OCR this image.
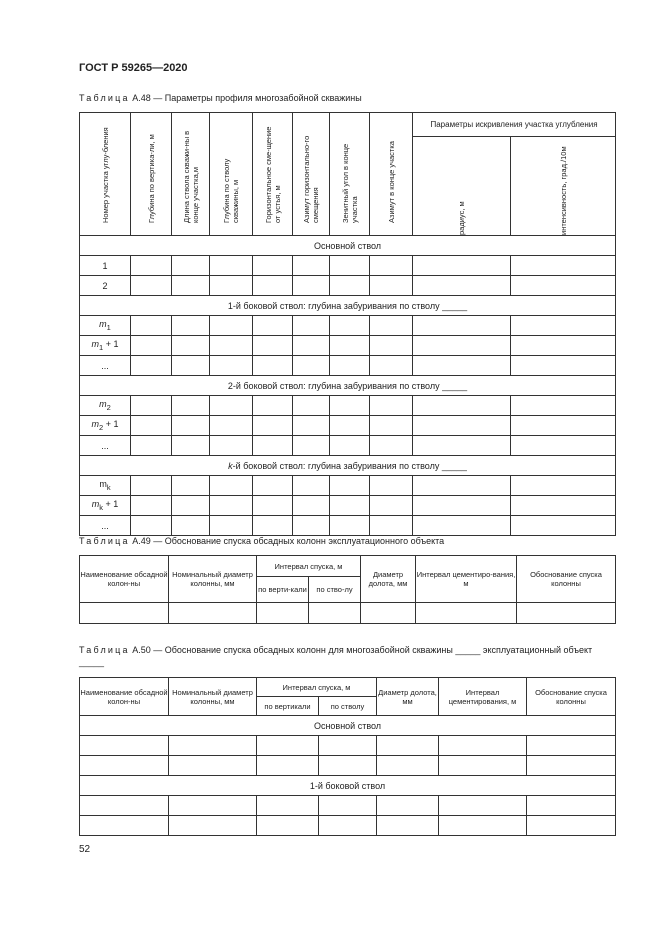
ГОСТ Р 59265—2020
Таблица А.48 — Параметры профиля многозабойной скважины
Номер участка углу-бления	Глубина по вертика-ли, м	Длина ствола скважи-ны в конце участка,м	Глубина по стволу скважины, м	Горизонтальное сме-щение от устья, м	Азимут горизонтально-го смещения	Зенитный угол в конце участка	Азимут в конце участка	Параметры искривления участка углубления	

								радиус, м	интенсивность, град./10м

Основной ствол									
1									
2									
1-й боковой ствол: глубина забуривания по стволу _____									
$m_1$									
$m_1 + 1$									
...									
2-й боковой ствол: глубина забуривания по стволу _____									
$m_2$									
$m_2 + 1$									
...									
k-й боковой ствол: глубина забуривания по стволу _____									
$m_k$									
$m_k + 1$									
...									
Таблица А.49 — Обоснование спуска обсадных колонн эксплуатационного объекта
Наименование обсадной колон-ны	Номинальный диаметр колонны, мм	Интервал спуска, м		Диаметр долота, мм	Интервал цементиро-вания, м	Обоснование спуска колонны
		по верти-кали	по ство-лу			

Таблица А.50 — Обоснование спуска обсадных колонн для многозабойной скважины _____ эксплуатационный объект _____
Наименование обсадной колон-ны	Номинальный диаметр колонны, мм	Интервал спуска, м		Диаметр долота, мм	Интервал цементирования, м	Обоснование спуска колонны
		по вертикали	по стволу			
Основной ствол						

1-й боковой ствол						

52
